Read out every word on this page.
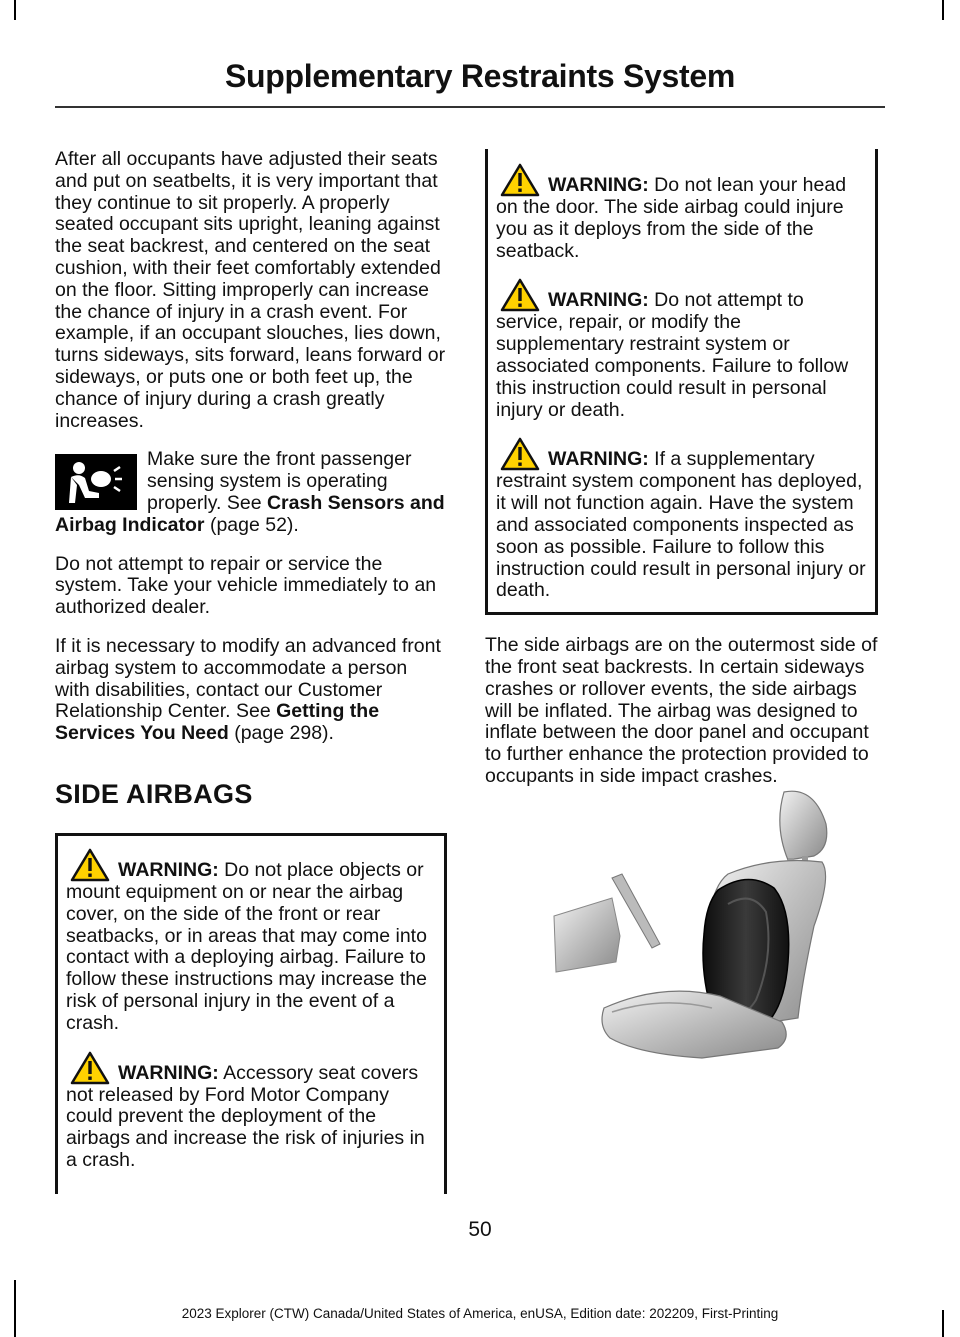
Supplementary Restraints System

After all occupants have adjusted their seats and put on seatbelts, it is very important that they continue to sit properly. A properly seated occupant sits upright, leaning against the seat backrest, and centered on the seat cushion, with their feet comfortably extended on the floor. Sitting improperly can increase the chance of injury in a crash event. For example, if an occupant slouches, lies down, turns sideways, sits forward, leans forward or sideways, or puts one or both feet up, the chance of injury during a crash greatly increases.

Make sure the front passenger sensing system is operating properly. See Crash Sensors and Airbag Indicator (page 52).

Do not attempt to repair or service the system. Take your vehicle immediately to an authorized dealer.

If it is necessary to modify an advanced front airbag system to accommodate a person with disabilities, contact our Customer Relationship Center. See Getting the Services You Need (page 298).

SIDE AIRBAGS

WARNING: Do not place objects or mount equipment on or near the airbag cover, on the side of the front or rear seatbacks, or in areas that may come into contact with a deploying airbag. Failure to follow these instructions may increase the risk of personal injury in the event of a crash.

WARNING: Accessory seat covers not released by Ford Motor Company could prevent the deployment of the airbags and increase the risk of injuries in a crash.

WARNING: Do not lean your head on the door. The side airbag could injure you as it deploys from the side of the seatback.

WARNING: Do not attempt to service, repair, or modify the supplementary restraint system or associated components. Failure to follow this instruction could result in personal injury or death.

WARNING: If a supplementary restraint system component has deployed, it will not function again. Have the system and associated components inspected as soon as possible. Failure to follow this instruction could result in personal injury or death.

The side airbags are on the outermost side of the front seat backrests. In certain sideways crashes or rollover events, the side airbags will be inflated. The airbag was designed to inflate between the door panel and occupant to further enhance the protection provided to occupants in side impact crashes.

50
2023 Explorer (CTW) Canada/United States of America, enUSA, Edition date: 202209, First-Printing
